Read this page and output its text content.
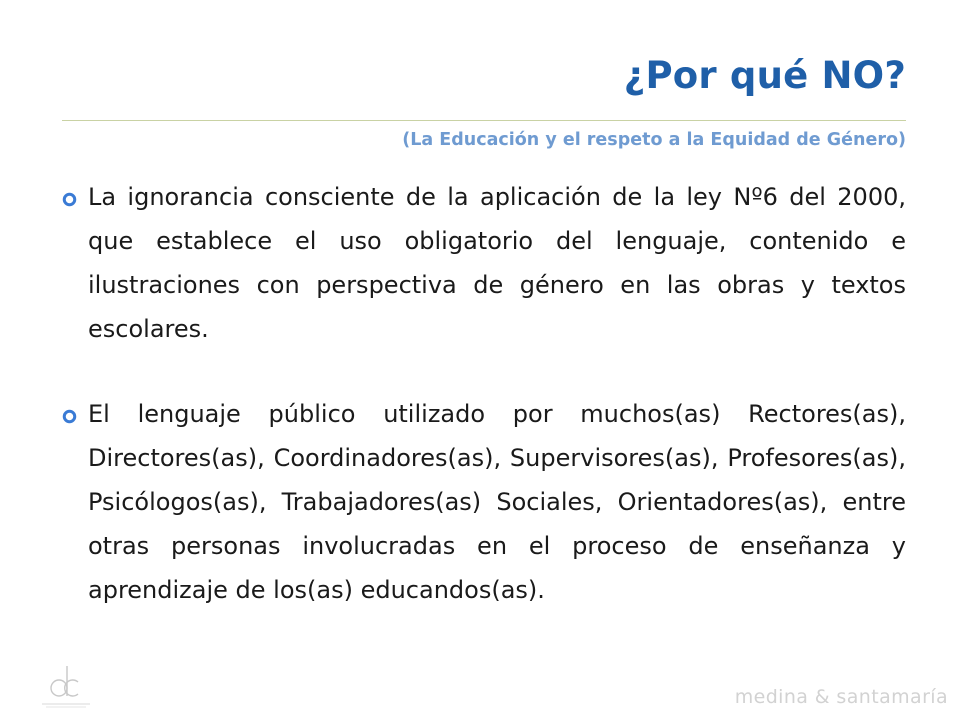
¿Por qué NO?
(La Educación y el respeto a la Equidad de Género)
La ignorancia consciente de la aplicación de la ley Nº6 del 2000, que establece el uso obligatorio del lenguaje, contenido e ilustraciones con perspectiva de género en las obras y textos escolares.
El lenguaje público utilizado por muchos(as) Rectores(as), Directores(as), Coordinadores(as), Supervisores(as), Profesores(as), Psicólogos(as), Trabajadores(as) Sociales, Orientadores(as), entre otras personas involucradas en el proceso de enseñanza y aprendizaje de los(as) educandos(as).
medina & santamaría
